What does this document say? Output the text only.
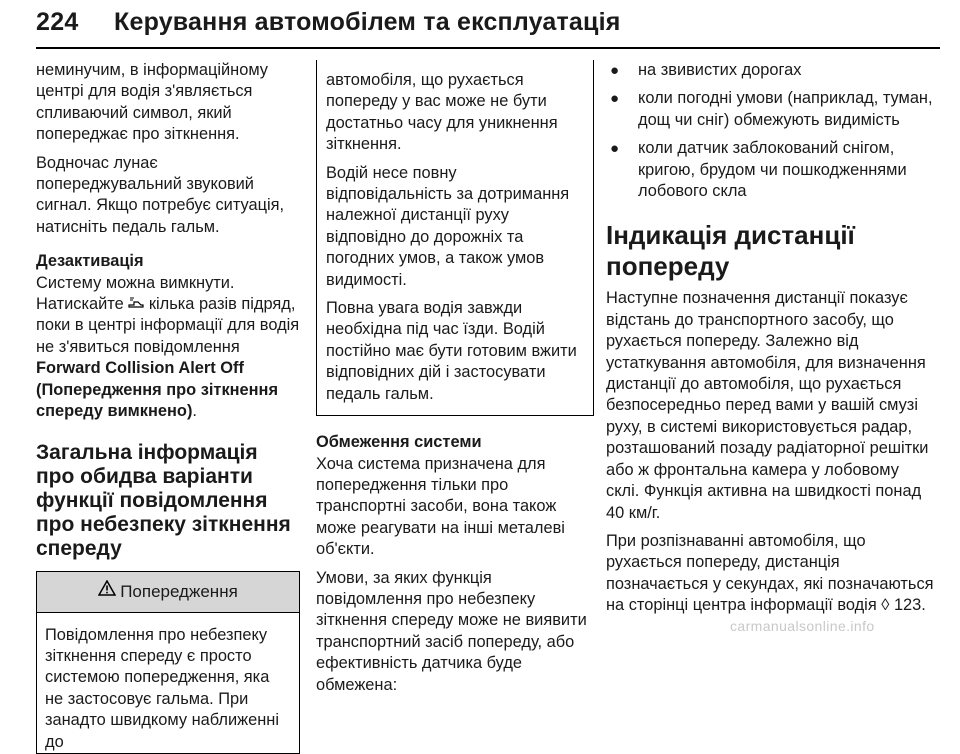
224 Керування автомобілем та експлуатація

неминучим, в інформаційному центрі для водія з'являється спливаючий символ, який попереджає про зіткнення.

Водночас лунає попереджувальний звуковий сигнал. Якщо потребує ситуація, натисніть педаль гальм.

Дезактивація
Систему можна вимкнути.

Натискайте кілька разів підряд, поки в центрі інформації для водія не з'явиться повідомлення Forward Collision Alert Off (Попередження про зіткнення спереду вимкнено).

Загальна інформація про обидва варіанти функції повідомлення про небезпеку зіткнення спереду
Попередження
Повідомлення про небезпеку зіткнення спереду є просто системою попередження, яка не застосовує гальма. При занадто швидкому наближенні до

автомобіля, що рухається попереду у вас може не бути достатньо часу для уникнення зіткнення.

Водій несе повну відповідальність за дотримання належної дистанції руху відповідно до дорожніх та погодних умов, а також умов видимості.

Повна увага водія завжди необхідна під час їзди. Водій постійно має бути готовим вжити відповідних дій і застосувати педаль гальм.

Обмеження системи

Хоча система призначена для попередження тільки про транспортні засоби, вона також може реагувати на інші металеві об'єкти.

Умови, за яких функція повідомлення про небезпеку зіткнення спереду може не виявити транспортний засіб попереду, або ефективність датчика буде обмежена:

● на звивистих дорогах
● коли погодні умови (наприклад, туман, дощ чи сніг) обмежують видимість
● коли датчик заблокований снігом, кригою, брудом чи пошкодженнями лобового скла
Індикація дистанції попереду

Наступне позначення дистанції показує відстань до транспортного засобу, що рухається попереду. Залежно від устаткування автомобіля, для визначення дистанції до автомобіля, що рухається безпосередньо перед вами у вашій смузі руху, в системі використовується радар, розташований позаду радіаторної решітки або ж фронтальна камера у лобовому склі. Функція активна на швидкості понад 40 км/г.

При розпізнаванні автомобіля, що рухається попереду, дистанція позначається у секундах, які позначаються на сторінці центра інформації водія ◊ 123.

carmanualsonline.info
